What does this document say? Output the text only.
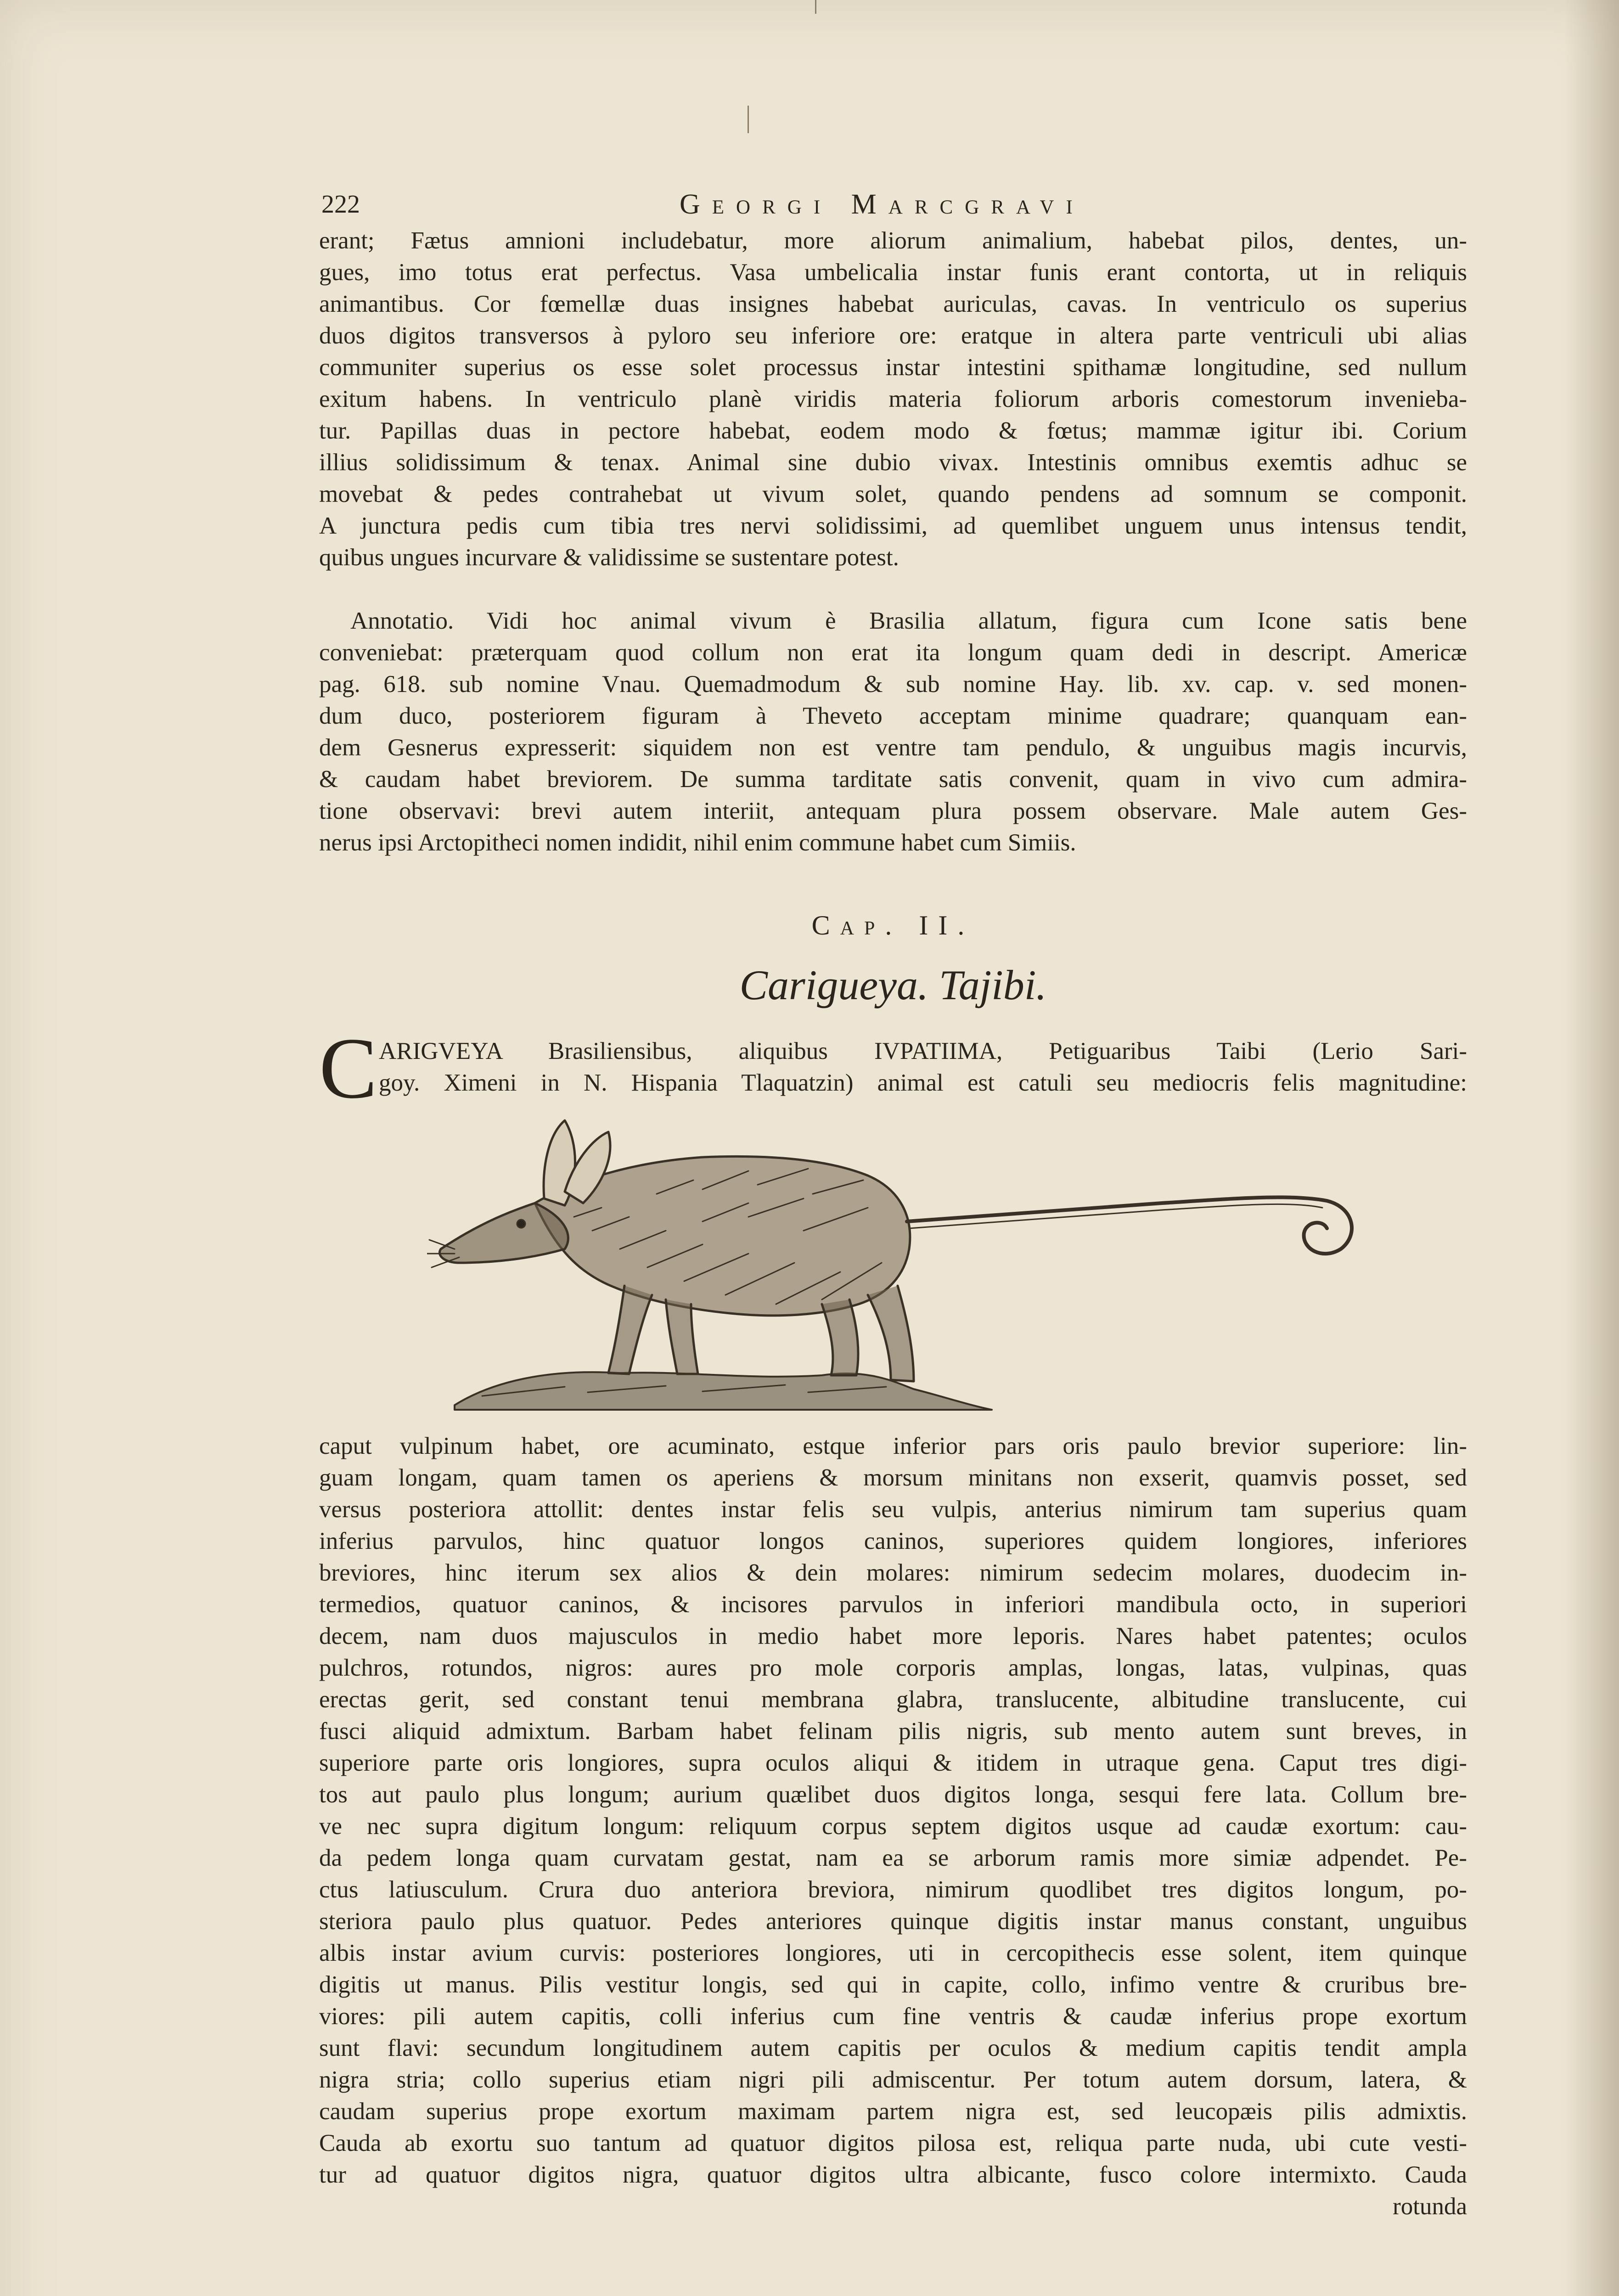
222	Georgi Marcgravi
erant; Fætus amnioni includebatur, more aliorum animalium, habebat pilos, dentes, un-
gues, imo totus erat perfectus. Vasa umbelicalia instar funis erant contorta, ut in reliquis
animantibus. Cor fœmellæ duas insignes habebat auriculas, cavas. In ventriculo os superius
duos digitos transversos à pyloro seu inferiore ore: eratque in altera parte ventriculi ubi alias
communiter superius os esse solet processus instar intestini spithamæ longitudine, sed nullum
exitum habens. In ventriculo planè viridis materia foliorum arboris comestorum inveniebа-
tur. Papillas duas in pectore habebat, eodem modo & fœtus; mammæ igitur ibi. Corium
illius solidissimum & tenax. Animal sine dubio vivax. Intestinis omnibus exemtis adhuc se
movebat & pedes contrahebat ut vivum solet, quando pendens ad somnum se componit.
A junctura pedis cum tibia tres nervi solidissimi, ad quemlibet unguem unus intensus tendit,
quibus ungues incurvare & validissime se sustentare potest.
Annotatio. Vidi hoc animal vivum è Brasilia allatum, figura cum Icone satis bene
conveniebat: præterquam quod collum non erat ita longum quam dedi in descript. Americæ
pag. 618. sub nomine Vnau. Quemadmodum & sub nomine Hay. lib. xv. cap. v. sed monen-
dum duco, posteriorem figuram à Theveto acceptam minime quadrare; quanquam ean-
dem Gesnerus expresserit: siquidem non est ventre tam pendulo, & unguibus magis incurvis,
& caudam habet breviorem. De summa tarditate satis convenit, quam in vivo cum admira-
tione observavi: brevi autem interiit, antequam plura possem observare. Male autem Ges-
nerus ipsi Arctopitheci nomen indidit, nihil enim commune habet cum Simiis.

Cap. II.

Carigueya. Tajibi.

C ARIGVEYA Brasiliensibus, aliquibus IVPATIIMA, Petiguaribus Taibi (Lerio Sari-
goy. Ximeni in N. Hispania Tlaquatzin) animal est catuli seu mediocris felis magnitudine:
caput vulpinum habet, ore acuminato, estque inferior pars oris paulo brevior superiore: lin-
guam longam, quam tamen os aperiens & morsum minitans non exserit, quamvis posset, sed
versus posteriora attollit: dentes instar felis seu vulpis, anterius nimirum tam superius quam
inferius parvulos, hinc quatuor longos caninos, superiores quidem longiores, inferiores
breviores, hinc iterum sex alios & dein molares: nimirum sedecim molares, duodecim in-
termedios, quatuor caninos, & incisores parvulos in inferiori mandibula octo, in superiori
decem, nam duos majusculos in medio habet more leporis. Nares habet patentes; oculos
pulchros, rotundos, nigros: aures pro mole corporis amplas, longas, latas, vulpinas, quas
erectas gerit, sed constant tenui membrana glabra, translucente, albitudine translucente, cui
fusci aliquid admixtum. Barbam habet felinam pilis nigris, sub mento autem sunt breves, in
superiore parte oris longiores, supra oculos aliqui & itidem in utraque gena. Caput tres digi-
tos aut paulo plus longum; aurium quælibet duos digitos longa, sesqui fere lata. Collum bre-
ve nec supra digitum longum: reliquum corpus septem digitos usque ad caudæ exortum: cau-
da pedem longa quam curvatam gestat, nam ea se arborum ramis more simiæ adpendet. Pe-
ctus latiusculum. Crura duo anteriora breviora, nimirum quodlibet tres digitos longum, po-
steriora paulo plus quatuor. Pedes anteriores quinque digitis instar manus constant, unguibus
albis instar avium curvis: posteriores longiores, uti in cercopithecis esse solent, item quinque
digitis ut manus. Pilis vestitur longis, sed qui in capite, collo, infimo ventre & cruribus bre-
viores: pili autem capitis, colli inferius cum fine ventris & caudæ inferius prope exortum
sunt flavi: secundum longitudinem autem capitis per oculos & medium capitis tendit ampla
nigra stria; collo superius etiam nigri pili admiscentur. Per totum autem dorsum, latera, &
caudam superius prope exortum maximam partem nigra est, sed leucopæis pilis admixtis.
Cauda ab exortu suo tantum ad quatuor digitos pilosa est, reliqua parte nuda, ubi cute vesti-
tur ad quatuor digitos nigra, quatuor digitos ultra albicante, fusco colore intermixto. Cauda
rotunda
